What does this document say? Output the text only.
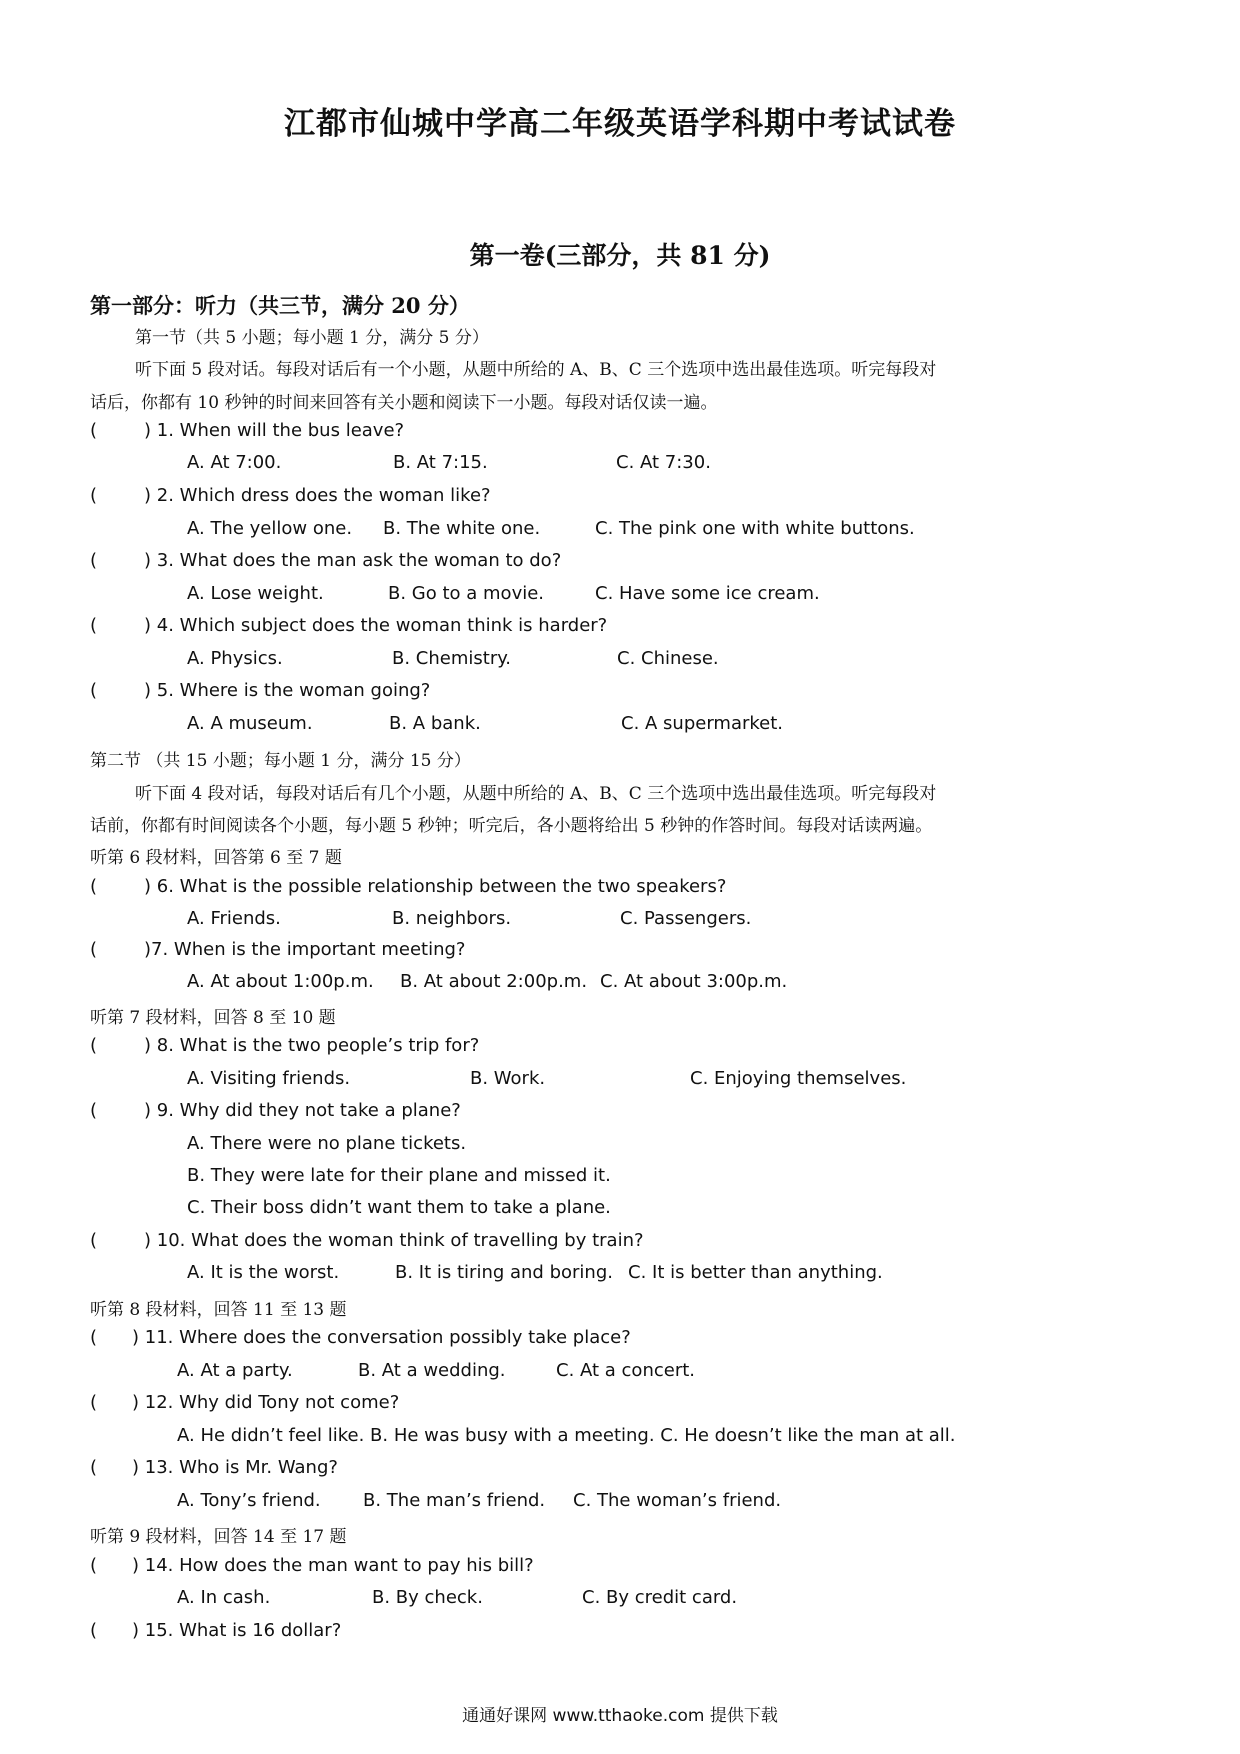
江都市仙城中学高二年级英语学科期中考试试卷
第一卷(三部分，共 81 分)
第一部分：听力（共三节，满分 20 分）
第一节（共 5 小题；每小题 1 分，满分 5 分）
听下面 5 段对话。每段对话后有一个小题，从题中所给的 A、B、C 三个选项中选出最佳选项。听完每段对
话后，你都有 10 秒钟的时间来回答有关小题和阅读下一小题。每段对话仅读一遍。
(	) 1. When will the bus leave?
A. At 7:00.	B. At 7:15.	C. At 7:30.
(	) 2. Which dress does the woman like?
A. The yellow one. B. The white one.	C. The pink one with white buttons.
(	) 3. What does the man ask the woman to do?
A. Lose weight.	B. Go to a movie.	C. Have some ice cream.
(	) 4. Which subject does the woman think is harder?
A. Physics.	B. Chemistry.	C. Chinese.
(	) 5. Where is the woman going?
A. A museum.	B. A bank.	C. A supermarket.
第二节 （共 15 小题；每小题 1 分，满分 15 分）
听下面 4 段对话，每段对话后有几个小题，从题中所给的 A、B、C 三个选项中选出最佳选项。听完每段对
话前，你都有时间阅读各个小题，每小题 5 秒钟；听完后，各小题将给出 5 秒钟的作答时间。每段对话读两遍。
听第 6 段材料，回答第 6 至 7 题
(	) 6. What is the possible relationship between the two speakers?
A. Friends.	B. neighbors.	C. Passengers.
(	)7. When is the important meeting?
A. At about 1:00p.m. B. At about 2:00p.m. C. At about 3:00p.m.
听第 7 段材料，回答 8 至 10 题
(	) 8. What is the two people’s trip for?
A. Visiting friends.	B. Work.	C. Enjoying themselves.
(	) 9. Why did they not take a plane?
A. There were no plane tickets.
B. They were late for their plane and missed it.
C. Their boss didn’t want them to take a plane.
(	) 10. What does the woman think of travelling by train?
A. It is the worst.	B. It is tiring and boring. C. It is better than anything.
听第 8 段材料，回答 11 至 13 题
( ) 11. Where does the conversation possibly take place?
A. At a party.	B. At a wedding.	C. At a concert.
( ) 12. Why did Tony not come?
A. He didn’t feel like. B. He was busy with a meeting. C. He doesn’t like the man at all.
( ) 13. Who is Mr. Wang?
A. Tony’s friend. B. The man’s friend. C. The woman’s friend.
听第 9 段材料，回答 14 至 17 题
( ) 14. How does the man want to pay his bill?
A. In cash.	B. By check.	C. By credit card.
( ) 15. What is 16 dollar?
通通好课网 www.tthaoke.com 提供下载
